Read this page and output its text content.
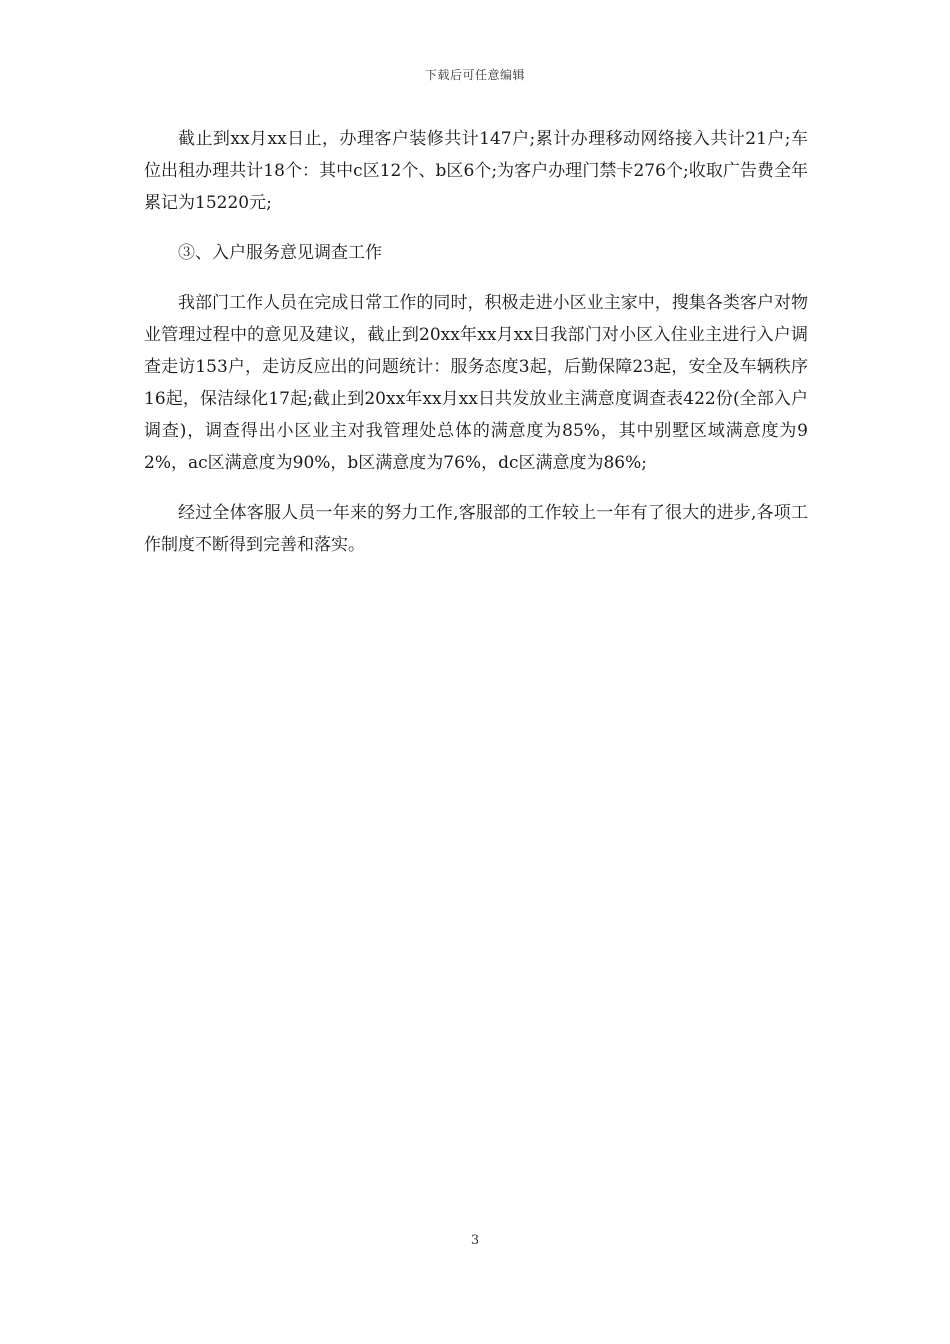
下载后可任意编辑

截止到xx月xx日止，办理客户装修共计147户;累计办理移动网络接入共计21户;车位出租办理共计18个：其中c区12个、b区6个;为客户办理门禁卡276个;收取广告费全年累记为15220元;

③、入户服务意见调查工作

我部门工作人员在完成日常工作的同时，积极走进小区业主家中，搜集各类客户对物业管理过程中的意见及建议，截止到20xx年xx月xx日我部门对小区入住业主进行入户调查走访153户，走访反应出的问题统计：服务态度3起，后勤保障23起，安全及车辆秩序16起，保洁绿化17起;截止到20xx年xx月xx日共发放业主满意度调查表422份(全部入户调查)，调查得出小区业主对我管理处总体的满意度为85%，其中别墅区域满意度为92%，ac区满意度为90%，b区满意度为76%，dc区满意度为86%;

经过全体客服人员一年来的努力工作,客服部的工作较上一年有了很大的进步,各项工作制度不断得到完善和落实。

3
